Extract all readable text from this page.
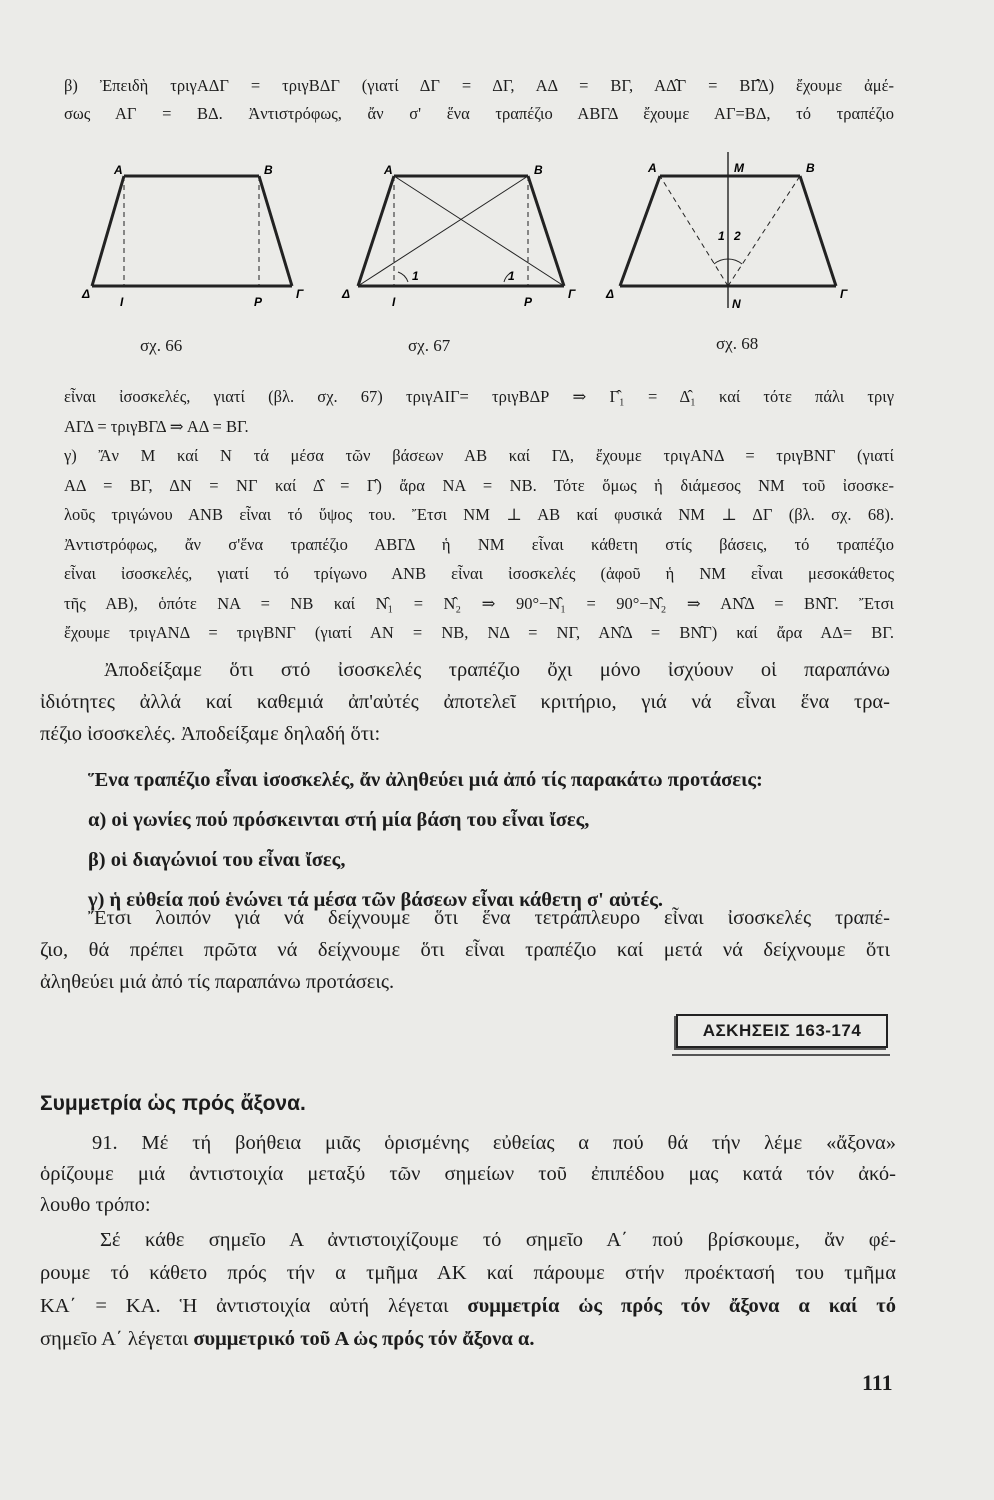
β) Ἐπειδὴ τριγΑΔΓ = τριγΒΔΓ (γιατί ΔΓ = ΔΓ, ΑΔ = ΒΓ, ΑΔ̂Γ = ΒΓ̂Δ) ἔχουμε ἀμέ-
σως ΑΓ = ΒΔ. Ἀντιστρόφως, ἄν σ' ἕνα τραπέζιο ΑΒΓΔ ἔχουμε ΑΓ=ΒΔ, τό τραπέζιο
A	B
Δ
I	P
Γ
σχ. 66
A	B
Δ
I	P
Γ
1	1
σχ. 67
A	M	B
Δ
N
Γ
1 2
σχ. 68
εἶναι ἰσοσκελές, γιατί (βλ. σχ. 67) τριγΑΙΓ= τριγΒΔΡ ⇒ Γ̂₁ = Δ̂₁ καί τότε πάλι τριγ
ΑΓΔ = τριγΒΓΔ ⇒ ΑΔ = ΒΓ.
γ) Ἄν Μ καί Ν τά μέσα τῶν βάσεων ΑΒ καί ΓΔ, ἔχουμε τριγΑΝΔ = τριγΒΝΓ (γιατί
ΑΔ = ΒΓ, ΔΝ = ΝΓ καί Δ̂ = Γ̂) ἄρα ΝΑ = ΝΒ. Τότε ὅμως ἡ διάμεσος ΝΜ τοῦ ἰσοσκε-
λοῦς τριγώνου ΑΝΒ εἶναι τό ὕψος του. Ἔτσι ΝΜ ⊥ ΑΒ καί φυσικά ΝΜ ⊥ ΔΓ (βλ. σχ. 68).
Ἀντιστρόφως, ἄν σ'ἕνα τραπέζιο ΑΒΓΔ ἡ ΝΜ εἶναι κάθετη στίς βάσεις, τό τραπέζιο
εἶναι ἰσοσκελές, γιατί τό τρίγωνο ΑΝΒ εἶναι ἰσοσκελές (ἀφοῦ ἡ ΝΜ εἶναι μεσοκάθετος
τῆς ΑΒ), ὁπότε ΝΑ = ΝΒ καί Ν̂₁ = Ν̂₂ ⇒ 90°−Ν̂₁ = 90°−Ν̂₂ ⇒ ΑΝ̂Δ = ΒΝ̂Γ. Ἔτσι
ἔχουμε τριγΑΝΔ = τριγΒΝΓ (γιατί ΑΝ = ΝΒ, ΝΔ = ΝΓ, ΑΝ̂Δ = ΒΝ̂Γ) καί ἄρα ΑΔ= ΒΓ.
Ἀποδείξαμε ὅτι στό ἰσοσκελές τραπέζιο ὄχι μόνο ἰσχύουν οἱ παραπάνω
ἰδιότητες ἀλλά καί καθεμιά ἀπ'αὐτές ἀποτελεῖ κριτήριο, γιά νά εἶναι ἕνα τρα-
πέζιο ἰσοσκελές. Ἀποδείξαμε δηλαδή ὅτι:
Ἕνα τραπέζιο εἶναι ἰσοσκελές, ἄν ἀληθεύει μιά ἀπό τίς παρακάτω προτάσεις:
α) οἱ γωνίες πού πρόσκεινται στή μία βάση του εἶναι ἴσες,
β) οἱ διαγώνιοί του εἶναι ἴσες,
γ) ἡ εὐθεία πού ἑνώνει τά μέσα τῶν βάσεων εἶναι κάθετη σ' αὐτές.
Ἔτσι λοιπόν γιά νά δείχνουμε ὅτι ἕνα τετράπλευρο εἶναι ἰσοσκελές τραπέ-
ζιο, θά πρέπει πρῶτα νά δείχνουμε ὅτι εἶναι τραπέζιο καί μετά νά δείχνουμε ὅτι
ἀληθεύει μιά ἀπό τίς παραπάνω προτάσεις.
ΑΣΚΗΣΕΙΣ 163-174
Συμμετρία ὡς πρός ἄξονα.
91. Μέ τή βοήθεια μιᾶς ὁρισμένης εὐθείας α πού θά τήν λέμε «ἄξονα»
ὁρίζουμε μιά ἀντιστοιχία μεταξύ τῶν σημείων τοῦ ἐπιπέδου μας κατά τόν ἀκό-
λουθο τρόπο:
Σέ κάθε σημεῖο Α ἀντιστοιχίζουμε τό σημεῖο Α΄ πού βρίσκουμε, ἄν φέ-
ρουμε τό κάθετο πρός τήν α τμῆμα ΑΚ καί πάρουμε στήν προέκτασή του τμῆμα
ΚΑ΄ = ΚΑ. Ἡ ἀντιστοιχία αὐτή λέγεται συμμετρία ὡς πρός τόν ἄξονα α καί τό
σημεῖο Α΄ λέγεται συμμετρικό τοῦ Α ὡς πρός τόν ἄξονα α.
111
